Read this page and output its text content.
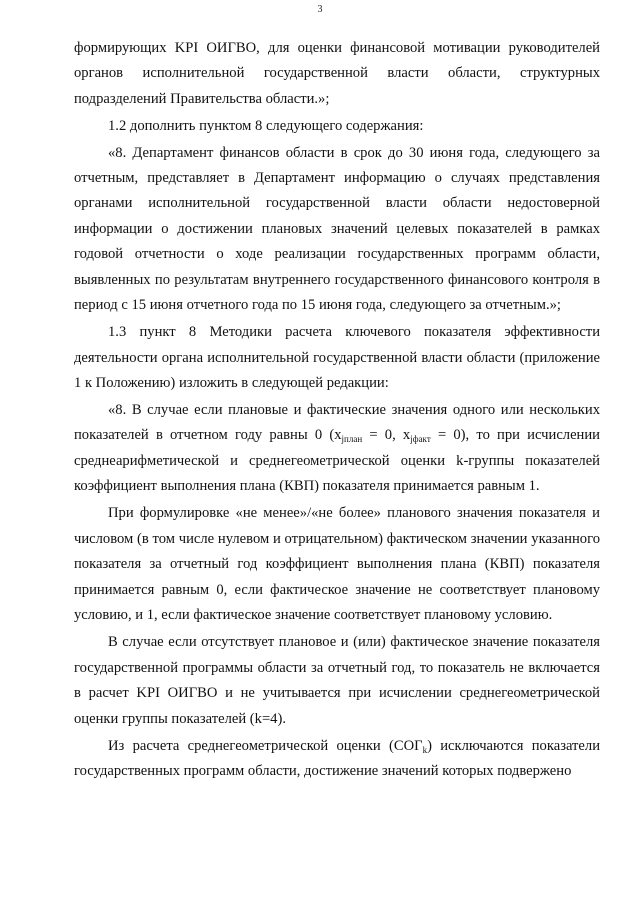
3

формирующих KPI ОИГВО, для оценки финансовой мотивации руководителей органов исполнительной государственной власти области, структурных подразделений Правительства области.»;

1.2 дополнить пунктом 8 следующего содержания:

«8. Департамент финансов области в срок до 30 июня года, следующего за отчетным, представляет в Департамент информацию о случаях представления органами исполнительной государственной власти области недостоверной информации о достижении плановых значений целевых показателей в рамках годовой отчетности о ходе реализации государственных программ области, выявленных по результатам внутреннего государственного финансового контроля в период с 15 июня отчетного года по 15 июня года, следующего за отчетным.»;

1.3 пункт 8 Методики расчета ключевого показателя эффективности деятельности органа исполнительной государственной власти области (приложение 1 к Положению) изложить в следующей редакции:

«8. В случае если плановые и фактические значения одного или нескольких показателей в отчетном году равны 0 ($x_{jплан} = 0$, $x_{jфакт} = 0$), то при исчислении среднеарифметической и среднегеометрической оценки k-группы показателей коэффициент выполнения плана (КВП) показателя принимается равным 1.

При формулировке «не менее»/«не более» планового значения показателя и числовом (в том числе нулевом и отрицательном) фактическом значении указанного показателя за отчетный год коэффициент выполнения плана (КВП) показателя принимается равным 0, если фактическое значение не соответствует плановому условию, и 1, если фактическое значение соответствует плановому условию.

В случае если отсутствует плановое и (или) фактическое значение показателя государственной программы области за отчетный год, то показатель не включается в расчет KPI ОИГВО и не учитывается при исчислении среднегеометрической оценки группы показателей (k=4).

Из расчета среднегеометрической оценки $(СОГ_k)$ исключаются показатели государственных программ области, достижение значений которых подвержено
